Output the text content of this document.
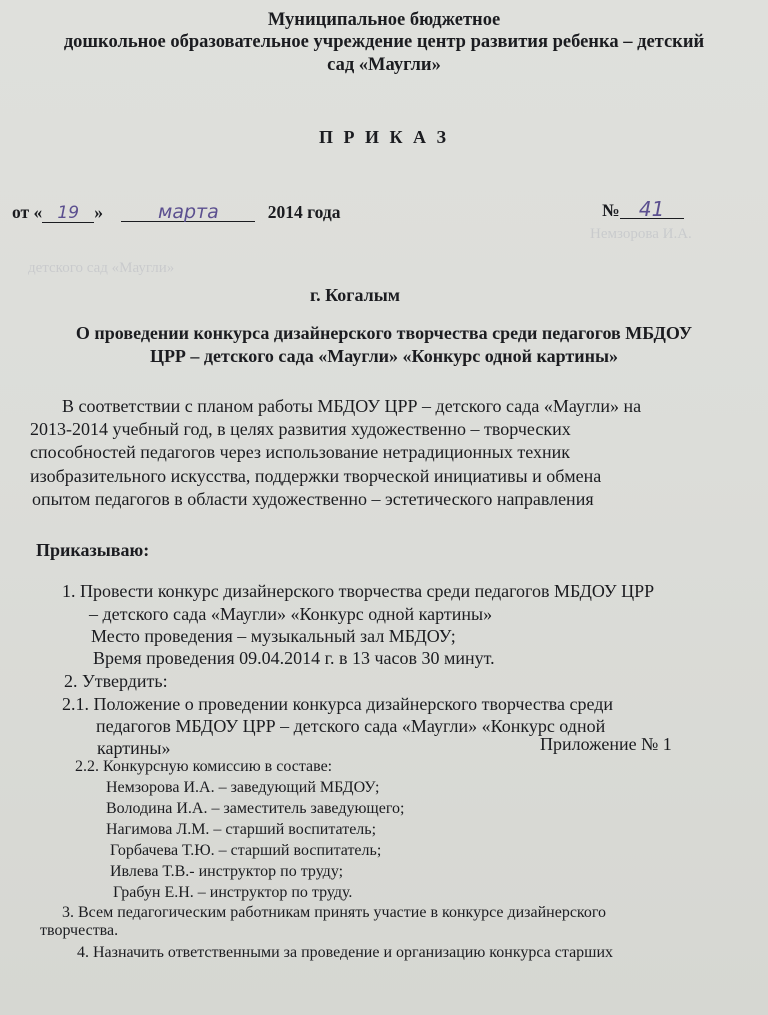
Немзорова И.А.
детского сад «Маугли»
Муниципальное бюджетное
дошкольное образовательное учреждение центр развития ребенка – детский
сад «Маугли»
П Р И К А З
от « 19 »	марта	2014 года	№ 41
г. Когалым
О проведении конкурса дизайнерского творчества среди педагогов МБДОУ
ЦРР – детского сада «Маугли» «Конкурс одной картины»
В соответствии с планом работы МБДОУ ЦРР – детского сада «Маугли» на
2013-2014 учебный год, в целях развития художественно – творческих
способностей педагогов через использование нетрадиционных техник
изобразительного искусства, поддержки творческой инициативы и обмена
опытом педагогов в области художественно – эстетического направления
Приказываю:
1. Провести конкурс дизайнерского творчества среди педагогов МБДОУ ЦРР
– детского сада «Маугли» «Конкурс одной картины»
Место проведения – музыкальный зал МБДОУ;
Время проведения 09.04.2014 г. в 13 часов 30 минут.
2. Утвердить:
2.1. Положение о проведении конкурса дизайнерского творчества среди
педагогов МБДОУ ЦРР – детского сада «Маугли» «Конкурс одной
картины»	Приложение № 1
2.2. Конкурсную комиссию в составе:
Немзорова И.А. – заведующий МБДОУ;
Володина И.А. – заместитель заведующего;
Нагимова Л.М. – старший воспитатель;
Горбачева Т.Ю. – старший воспитатель;
Ивлева Т.В.- инструктор по труду;
Грабун Е.Н. – инструктор по труду.
3. Всем педагогическим работникам принять участие в конкурсе дизайнерского
творчества.
4. Назначить ответственными за проведение и организацию конкурса старших
